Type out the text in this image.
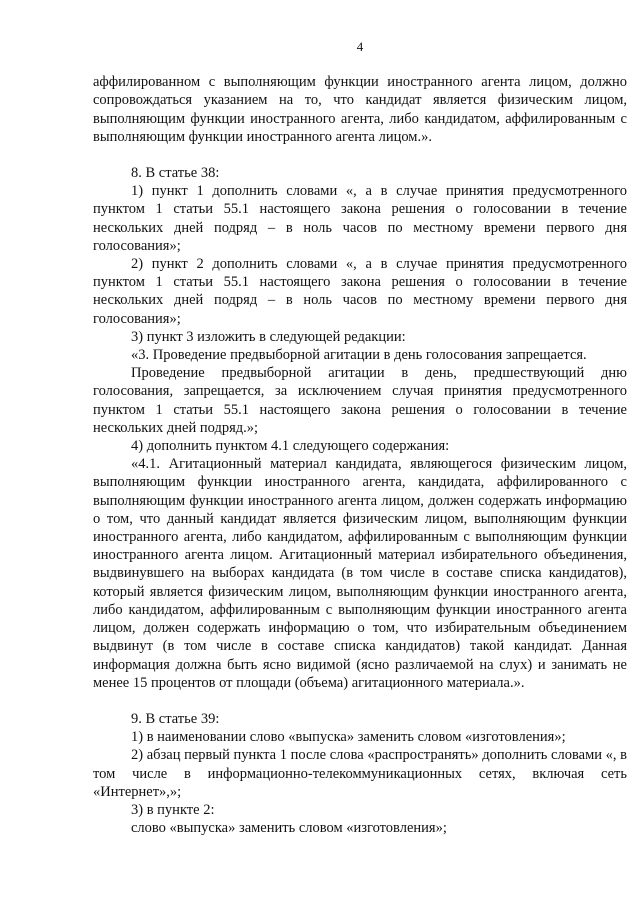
4

аффилированном с выполняющим функции иностранного агента лицом, должно сопровождаться указанием на то, что кандидат является физическим лицом, выполняющим функции иностранного агента, либо кандидатом, аффилированным с выполняющим функции иностранного агента лицом.».

8. В статье 38:

1) пункт 1 дополнить словами «, а в случае принятия предусмотренного пунктом 1 статьи 55.1 настоящего закона решения о голосовании в течение нескольких дней подряд – в ноль часов по местному времени первого дня голосования»;

2) пункт 2 дополнить словами «, а в случае принятия предусмотренного пунктом 1 статьи 55.1 настоящего закона решения о голосовании в течение нескольких дней подряд – в ноль часов по местному времени первого дня голосования»;

3) пункт 3 изложить в следующей редакции:

«3. Проведение предвыборной агитации в день голосования запрещается.

Проведение предвыборной агитации в день, предшествующий дню голосования, запрещается, за исключением случая принятия предусмотренного пунктом 1 статьи 55.1 настоящего закона решения о голосовании в течение нескольких дней подряд.»;

4) дополнить пунктом 4.1 следующего содержания:

«4.1. Агитационный материал кандидата, являющегося физическим лицом, выполняющим функции иностранного агента, кандидата, аффилированного с выполняющим функции иностранного агента лицом, должен содержать информацию о том, что данный кандидат является физическим лицом, выполняющим функции иностранного агента, либо кандидатом, аффилированным с выполняющим функции иностранного агента лицом. Агитационный материал избирательного объединения, выдвинувшего на выборах кандидата (в том числе в составе списка кандидатов), который является физическим лицом, выполняющим функции иностранного агента, либо кандидатом, аффилированным с выполняющим функции иностранного агента лицом, должен содержать информацию о том, что избирательным объединением выдвинут (в том числе в составе списка кандидатов) такой кандидат. Данная информация должна быть ясно видимой (ясно различаемой на слух) и занимать не менее 15 процентов от площади (объема) агитационного материала.».

9. В статье 39:

1) в наименовании слово «выпуска» заменить словом «изготовления»;

2) абзац первый пункта 1 после слова «распространять» дополнить словами «, в том числе в информационно-телекоммуникационных сетях, включая сеть «Интернет»,»;

3) в пункте 2:

слово «выпуска» заменить словом «изготовления»;
